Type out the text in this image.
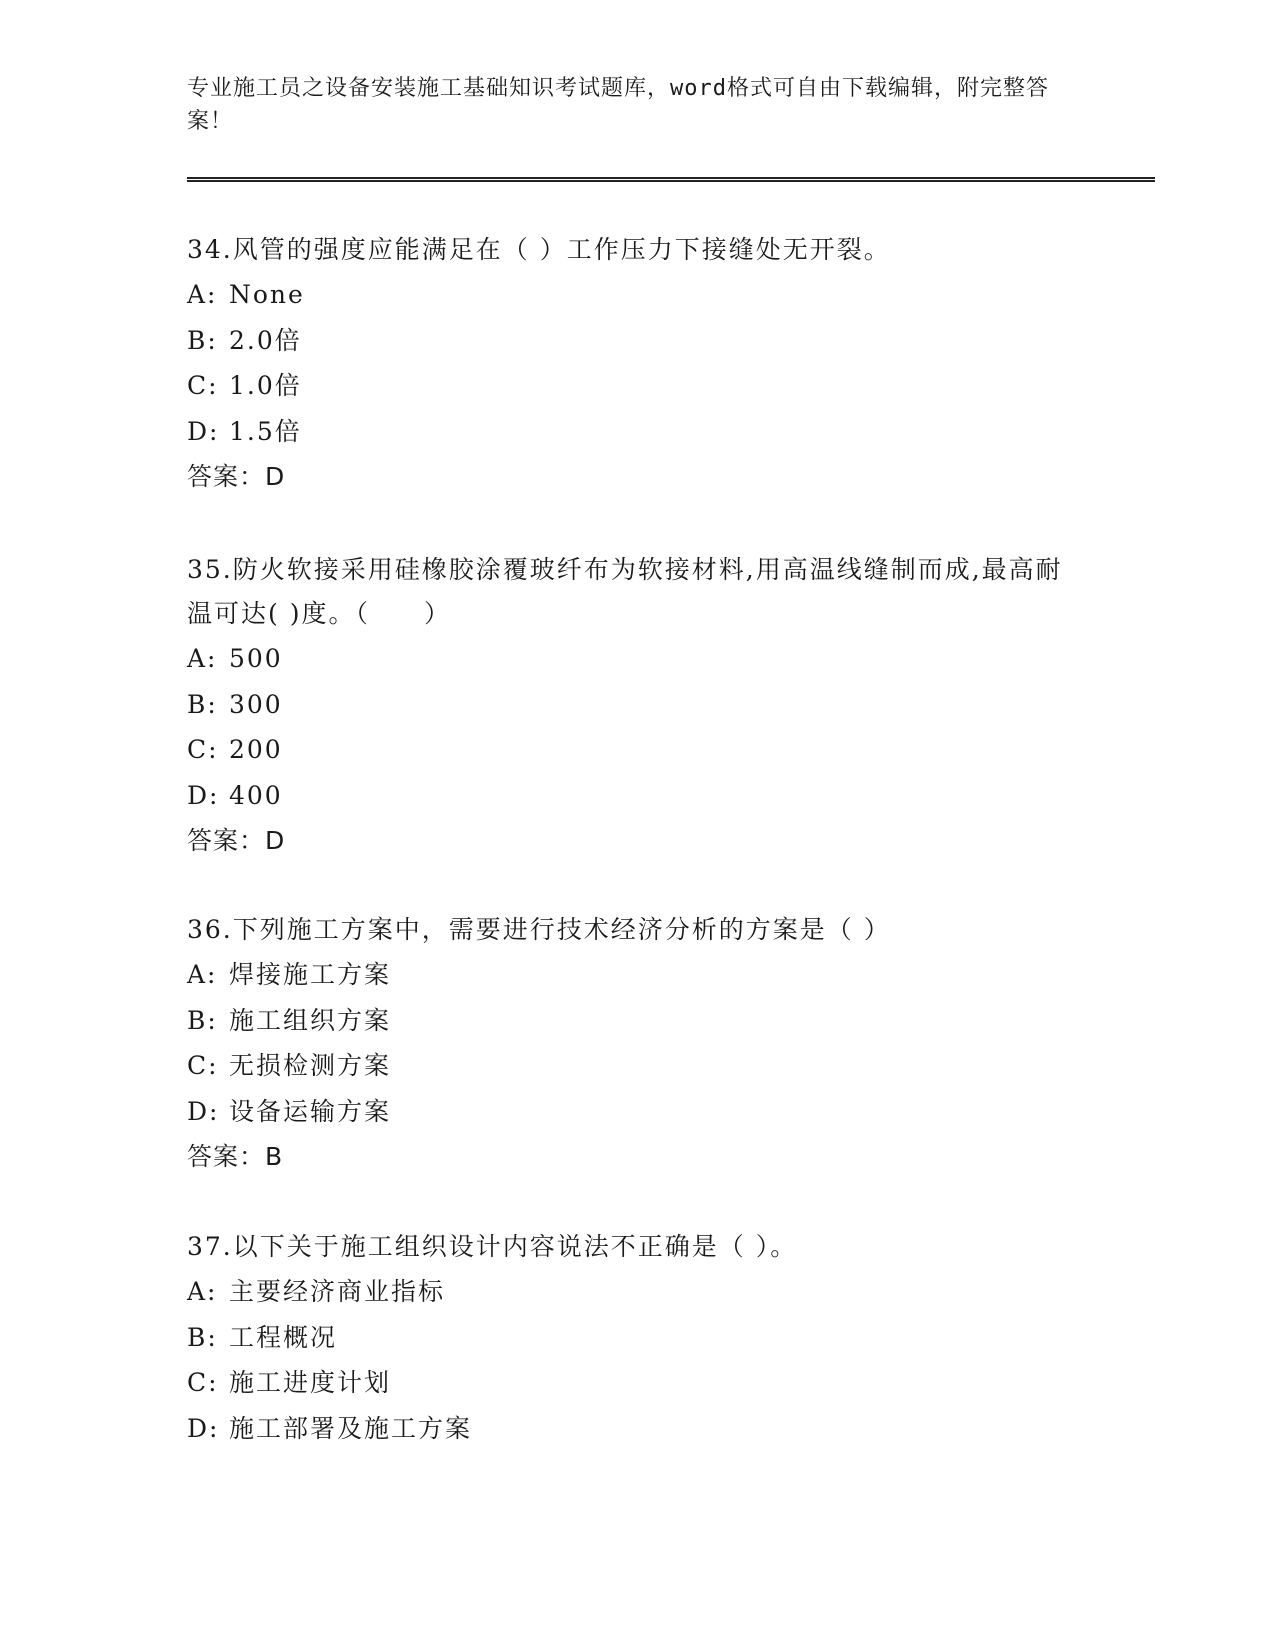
专业施工员之设备安装施工基础知识考试题库，word格式可自由下载编辑，附完整答案！

34.风管的强度应能满足在（ ）工作压力下接缝处无开裂。

A: None
B: 2.0倍
C: 1.0倍
D: 1.5倍
答案：D

35.防火软接采用硅橡胶涂覆玻纤布为软接材料,用高温线缝制而成,最高耐温可达( )度。（　　）

A: 500
B: 300
C: 200
D: 400
答案：D

36.下列施工方案中，需要进行技术经济分析的方案是（ ）

A: 焊接施工方案
B: 施工组织方案
C: 无损检测方案
D: 设备运输方案
答案：B

37.以下关于施工组织设计内容说法不正确是（ ）。

A: 主要经济商业指标
B: 工程概况
C: 施工进度计划
D: 施工部署及施工方案
